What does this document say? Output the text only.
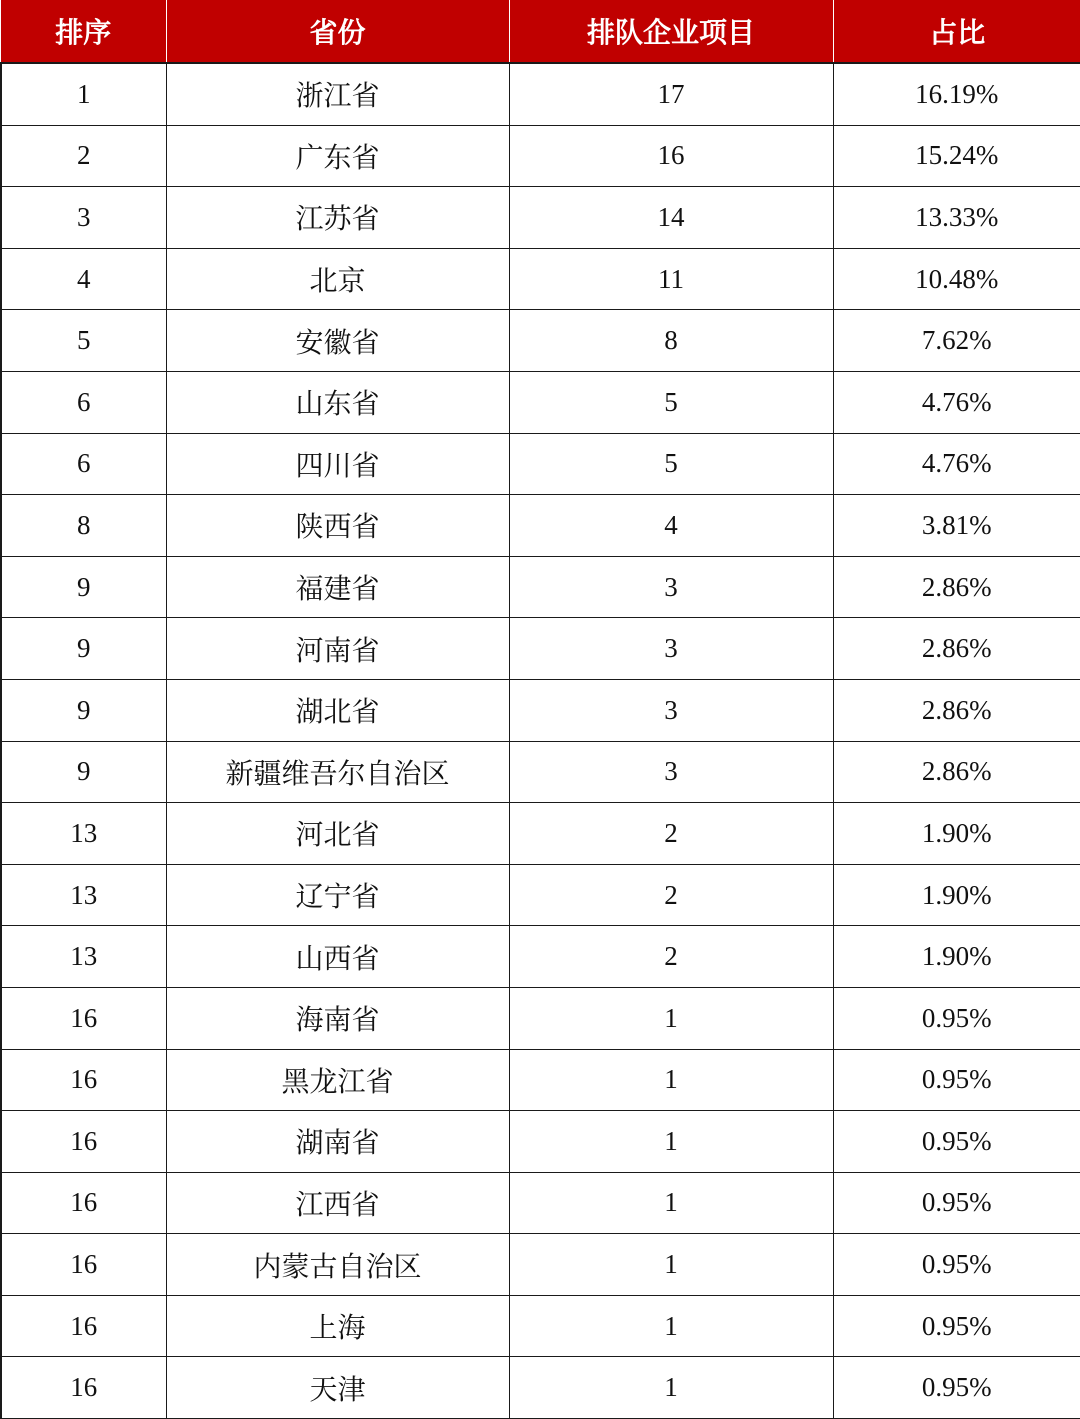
排序	省份	排队企业项目	占比
1	浙江省	17	16.19%
2	广东省	16	15.24%
3	江苏省	14	13.33%
4	北京	11	10.48%
5	安徽省	8	7.62%
6	山东省	5	4.76%
6	四川省	5	4.76%
8	陕西省	4	3.81%
9	福建省	3	2.86%
9	河南省	3	2.86%
9	湖北省	3	2.86%
9	新疆维吾尔自治区	3	2.86%
13	河北省	2	1.90%
13	辽宁省	2	1.90%
13	山西省	2	1.90%
16	海南省	1	0.95%
16	黑龙江省	1	0.95%
16	湖南省	1	0.95%
16	江西省	1	0.95%
16	内蒙古自治区	1	0.95%
16	上海	1	0.95%
16	天津	1	0.95%
